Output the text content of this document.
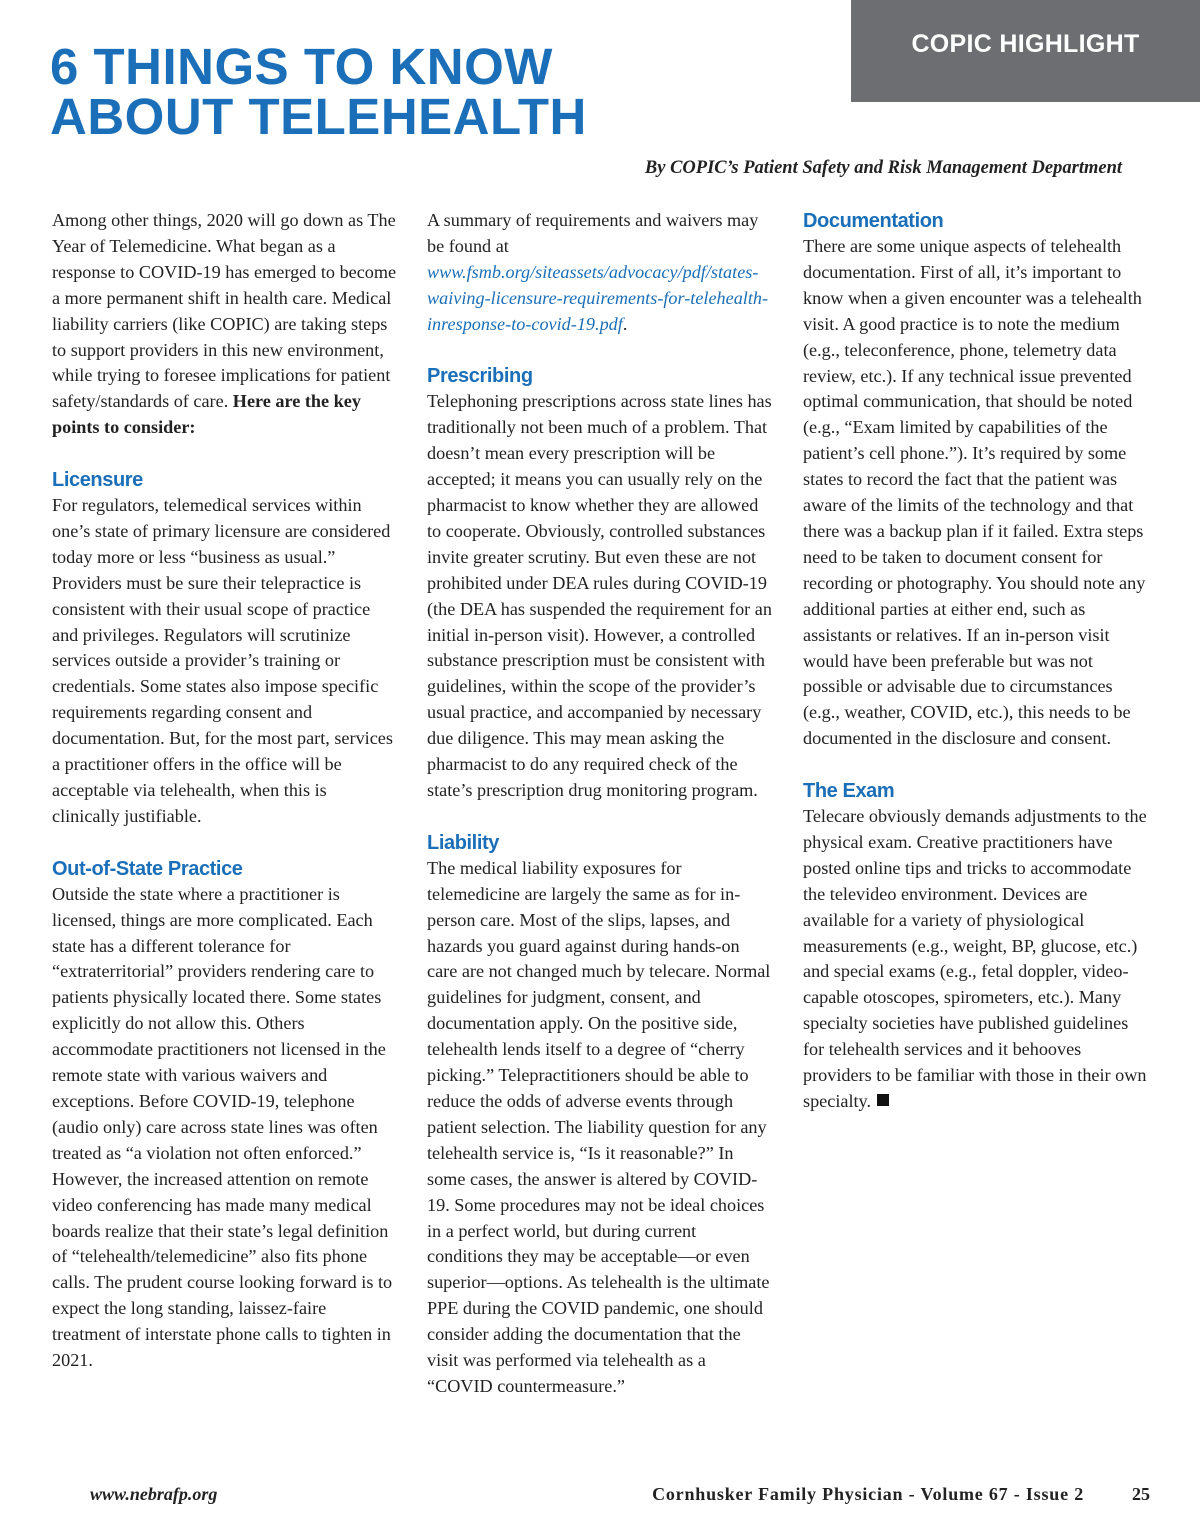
COPIC HIGHLIGHT
6 THINGS TO KNOW
ABOUT TELEHEALTH
By COPIC’s Patient Safety and Risk Management Department

Among other things, 2020 will go down as The Year of Telemedicine. What began as a response to COVID-19 has emerged to become a more permanent shift in health care. Medical liability carriers (like COPIC) are taking steps to support providers in this new environment, while trying to foresee implications for patient safety/standards of care. Here are the key points to consider:

Licensure

For regulators, telemedical services within one’s state of primary licensure are considered today more or less “business as usual.” Providers must be sure their telepractice is consistent with their usual scope of practice and privileges. Regulators will scrutinize services outside a provider’s training or credentials. Some states also impose specific requirements regarding consent and documentation. But, for the most part, services a practitioner offers in the office will be acceptable via telehealth, when this is clinically justifiable.

Out-of-State Practice

Outside the state where a practitioner is licensed, things are more complicated. Each state has a different tolerance for “extraterritorial” providers rendering care to patients physically located there. Some states explicitly do not allow this. Others accommodate practitioners not licensed in the remote state with various waivers and exceptions. Before COVID-19, telephone (audio only) care across state lines was often treated as “a violation not often enforced.” However, the increased attention on remote video conferencing has made many medical boards realize that their state’s legal definition of “telehealth/telemedicine” also fits phone calls. The prudent course looking forward is to expect the long standing, laissez-faire treatment of interstate phone calls to tighten in 2021.

A summary of requirements and waivers may be found at www.fsmb.org/siteassets/advocacy/pdf/states-waiving-licensure-requirements-for-telehealth-inresponse-to-covid-19.pdf.

Prescribing

Telephoning prescriptions across state lines has traditionally not been much of a problem. That doesn’t mean every prescription will be accepted; it means you can usually rely on the pharmacist to know whether they are allowed to cooperate. Obviously, controlled substances invite greater scrutiny. But even these are not prohibited under DEA rules during COVID-19 (the DEA has suspended the requirement for an initial in-person visit). However, a controlled substance prescription must be consistent with guidelines, within the scope of the provider’s usual practice, and accompanied by necessary due diligence. This may mean asking the pharmacist to do any required check of the state’s prescription drug monitoring program.

Liability

The medical liability exposures for telemedicine are largely the same as for in-person care. Most of the slips, lapses, and hazards you guard against during hands-on care are not changed much by telecare. Normal guidelines for judgment, consent, and documentation apply. On the positive side, telehealth lends itself to a degree of “cherry picking.” Telepractitioners should be able to reduce the odds of adverse events through patient selection. The liability question for any telehealth service is, “Is it reasonable?” In some cases, the answer is altered by COVID-19. Some procedures may not be ideal choices in a perfect world, but during current conditions they may be acceptable—or even superior—options. As telehealth is the ultimate PPE during the COVID pandemic, one should consider adding the documentation that the visit was performed via telehealth as a “COVID countermeasure.”

Documentation

There are some unique aspects of telehealth documentation. First of all, it’s important to know when a given encounter was a telehealth visit. A good practice is to note the medium (e.g., teleconference, phone, telemetry data review, etc.). If any technical issue prevented optimal communication, that should be noted (e.g., “Exam limited by capabilities of the patient’s cell phone.”). It’s required by some states to record the fact that the patient was aware of the limits of the technology and that there was a backup plan if it failed. Extra steps need to be taken to document consent for recording or photography. You should note any additional parties at either end, such as assistants or relatives. If an in-person visit would have been preferable but was not possible or advisable due to circumstances (e.g., weather, COVID, etc.), this needs to be documented in the disclosure and consent.

The Exam

Telecare obviously demands adjustments to the physical exam. Creative practitioners have posted online tips and tricks to accommodate the televideo environment. Devices are available for a variety of physiological measurements (e.g., weight, BP, glucose, etc.) and special exams (e.g., fetal doppler, video-capable otoscopes, spirometers, etc.). Many specialty societies have published guidelines for telehealth services and it behooves providers to be familiar with those in their own specialty.

www.nebrafp.org	Cornhusker Family Physician - Volume 67 - Issue 2	25
